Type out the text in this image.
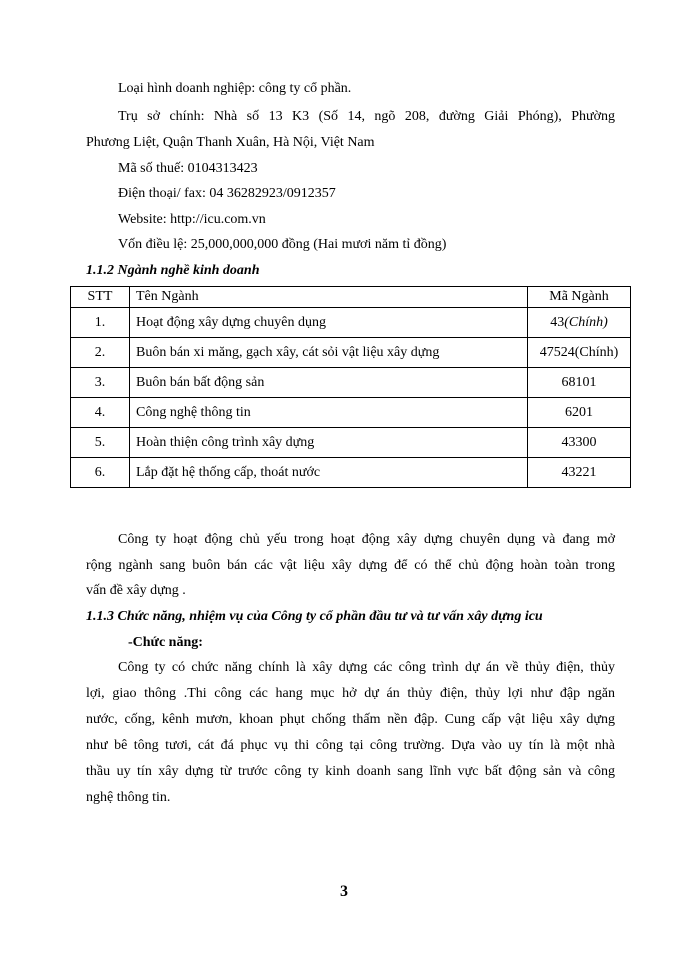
Loại hình doanh nghiệp: công ty cổ phần.
Trụ sở chính: Nhà số 13 K3 (Số 14, ngõ 208, đường Giải Phóng), Phường
Phương Liệt, Quận Thanh Xuân, Hà Nội, Việt Nam
Mã số thuế: 0104313423
Điện thoại/ fax: 04 36282923/0912357
Website: http://icu.com.vn
Vốn điều lệ: 25,000,000,000 đồng (Hai mươi năm tỉ đồng)
1.1.2 Ngành nghề kinh doanh
STT	Tên Ngành	Mã Ngành
1.	Hoạt động xây dựng chuyên dụng	43(Chính)
2.	Buôn bán xi măng, gạch xây, cát sỏi vật liệu xây dựng	47524(Chính)
3.	Buôn bán bất động sản	68101
4.	Công nghệ thông tin	6201
5.	Hoàn thiện công trình xây dựng	43300
6.	Lắp đặt hệ thống cấp, thoát nước	43221
Công ty hoạt động chủ yếu trong hoạt động xây dựng chuyên dụng và đang mở
rộng ngành sang buôn bán các vật liệu xây dựng để có thể chủ động hoàn toàn trong
vấn đề xây dựng .
1.1.3 Chức năng, nhiệm vụ của Công ty cổ phần đầu tư và tư vấn xây dựng icu
-Chức năng:
Công ty có chức năng chính là xây dựng các công trình dự án về thủy điện, thủy
lợi, giao thông .Thi công các hang mục hở dự án thủy điện, thủy lợi như đập ngăn
nước, cống, kênh mươn, khoan phụt chống thấm nền đập. Cung cấp vật liệu xây dựng
như bê tông tươi, cát đá phục vụ thi công tại công trường. Dựa vào uy tín là một nhà
thầu uy tín xây dựng từ trước công ty kinh doanh sang lĩnh vực bất động sản và công
nghệ thông tin.
3
